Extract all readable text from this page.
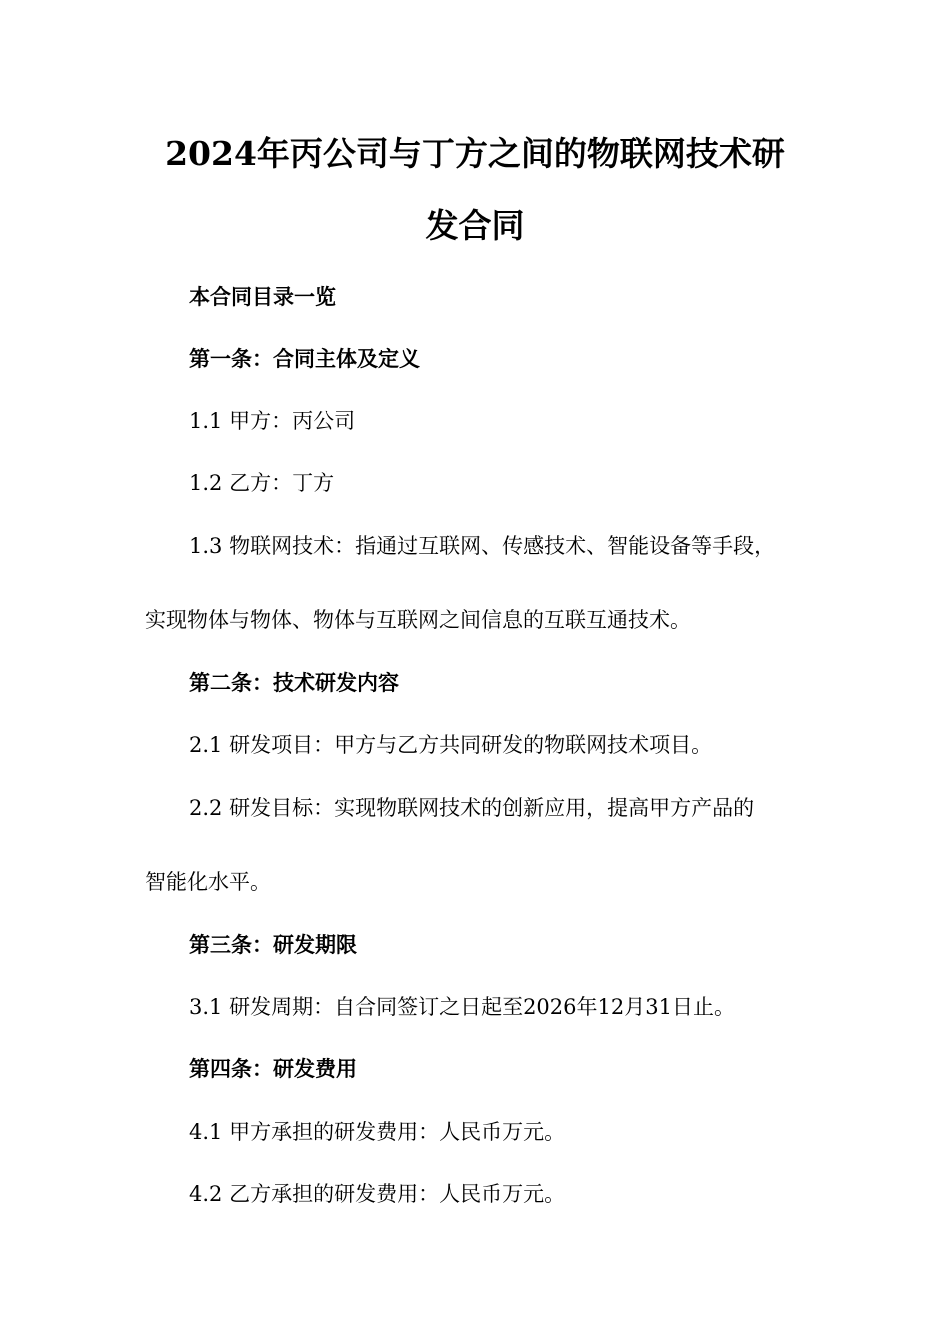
2024年丙公司与丁方之间的物联网技术研
发合同
本合同目录一览
第一条：合同主体及定义
1.1 甲方：丙公司
1.2 乙方：丁方
1.3 物联网技术：指通过互联网、传感技术、智能设备等手段，
实现物体与物体、物体与互联网之间信息的互联互通技术。
第二条：技术研发内容
2.1 研发项目：甲方与乙方共同研发的物联网技术项目。
2.2 研发目标：实现物联网技术的创新应用，提高甲方产品的
智能化水平。
第三条：研发期限
3.1 研发周期：自合同签订之日起至2026年12月31日止。
第四条：研发费用
4.1 甲方承担的研发费用：人民币万元。
4.2 乙方承担的研发费用：人民币万元。
